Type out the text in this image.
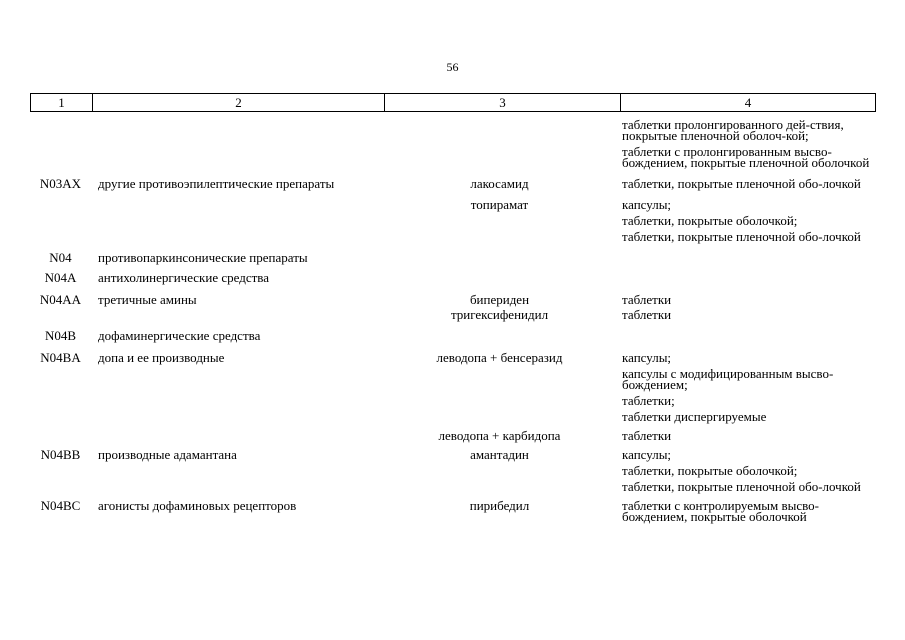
56
1	2	3	4
таблетки пролонгированного дей-ствия, покрытые пленочной оболоч-кой;
таблетки с пролонгированным высво-бождением, покрытые пленочной оболочкой
N03AX	другие противоэпилептические препараты	лакосамид	таблетки, покрытые пленочной обо-лочкой
топирамат	капсулы;
таблетки, покрытые оболочкой;
таблетки, покрытые пленочной обо-лочкой
N04	противопаркинсонические препараты
N04A	антихолинергические средства
N04AA	третичные амины	бипериден	таблетки
тригексифенидил	таблетки
N04B	дофаминергические средства
N04BA	допа и ее производные	леводопа + бенсеразид	капсулы;
капсулы с модифицированным высво-бождением;
таблетки;
таблетки диспергируемые
леводопа + карбидопа	таблетки
N04BB	производные адамантана	амантадин	капсулы;
таблетки, покрытые оболочкой;
таблетки, покрытые пленочной обо-лочкой
N04BC	агонисты дофаминовых рецепторов	пирибедил	таблетки с контролируемым высво-бождением, покрытые оболочкой
